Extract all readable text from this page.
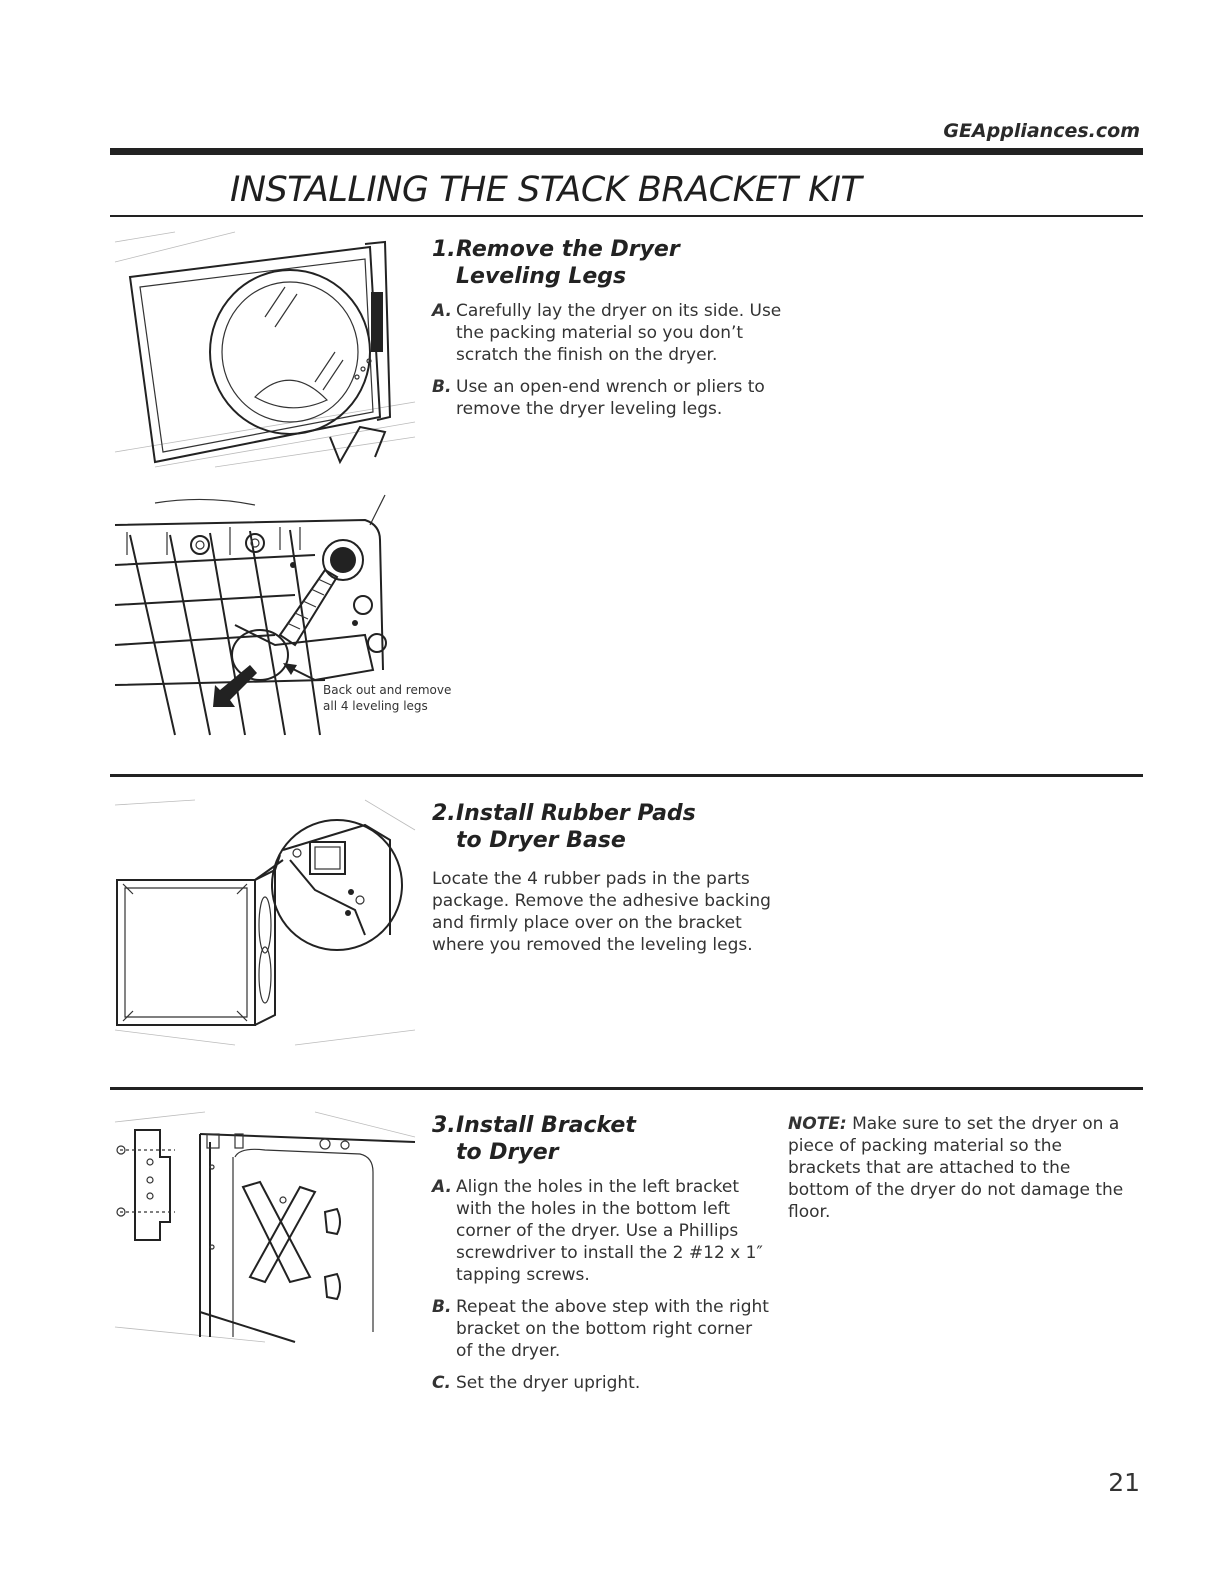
GEAppliances.com
INSTALLING THE STACK BRACKET KIT
Back out and remove
all 4 leveling legs
1.Remove the Dryer
Leveling Legs
A. Carefully lay the dryer on its side. Use the packing material so you don’t scratch the finish on the dryer.
B. Use an open-end wrench or pliers to remove the dryer leveling legs.
2.Install Rubber Pads
to Dryer Base
Locate the 4 rubber pads in the parts package. Remove the adhesive backing and firmly place over on the bracket where you removed the leveling legs.
3.Install Bracket
to Dryer
A. Align the holes in the left bracket with the holes in the bottom left corner of the dryer. Use a Phillips screwdriver to install the 2 #12 x 1″ tapping screws.
B. Repeat the above step with the right bracket on the bottom right corner of the dryer.
C. Set the dryer upright.
NOTE: Make sure to set the dryer on a piece of packing material so the brackets that are attached to the bottom of the dryer do not damage the floor.
21
